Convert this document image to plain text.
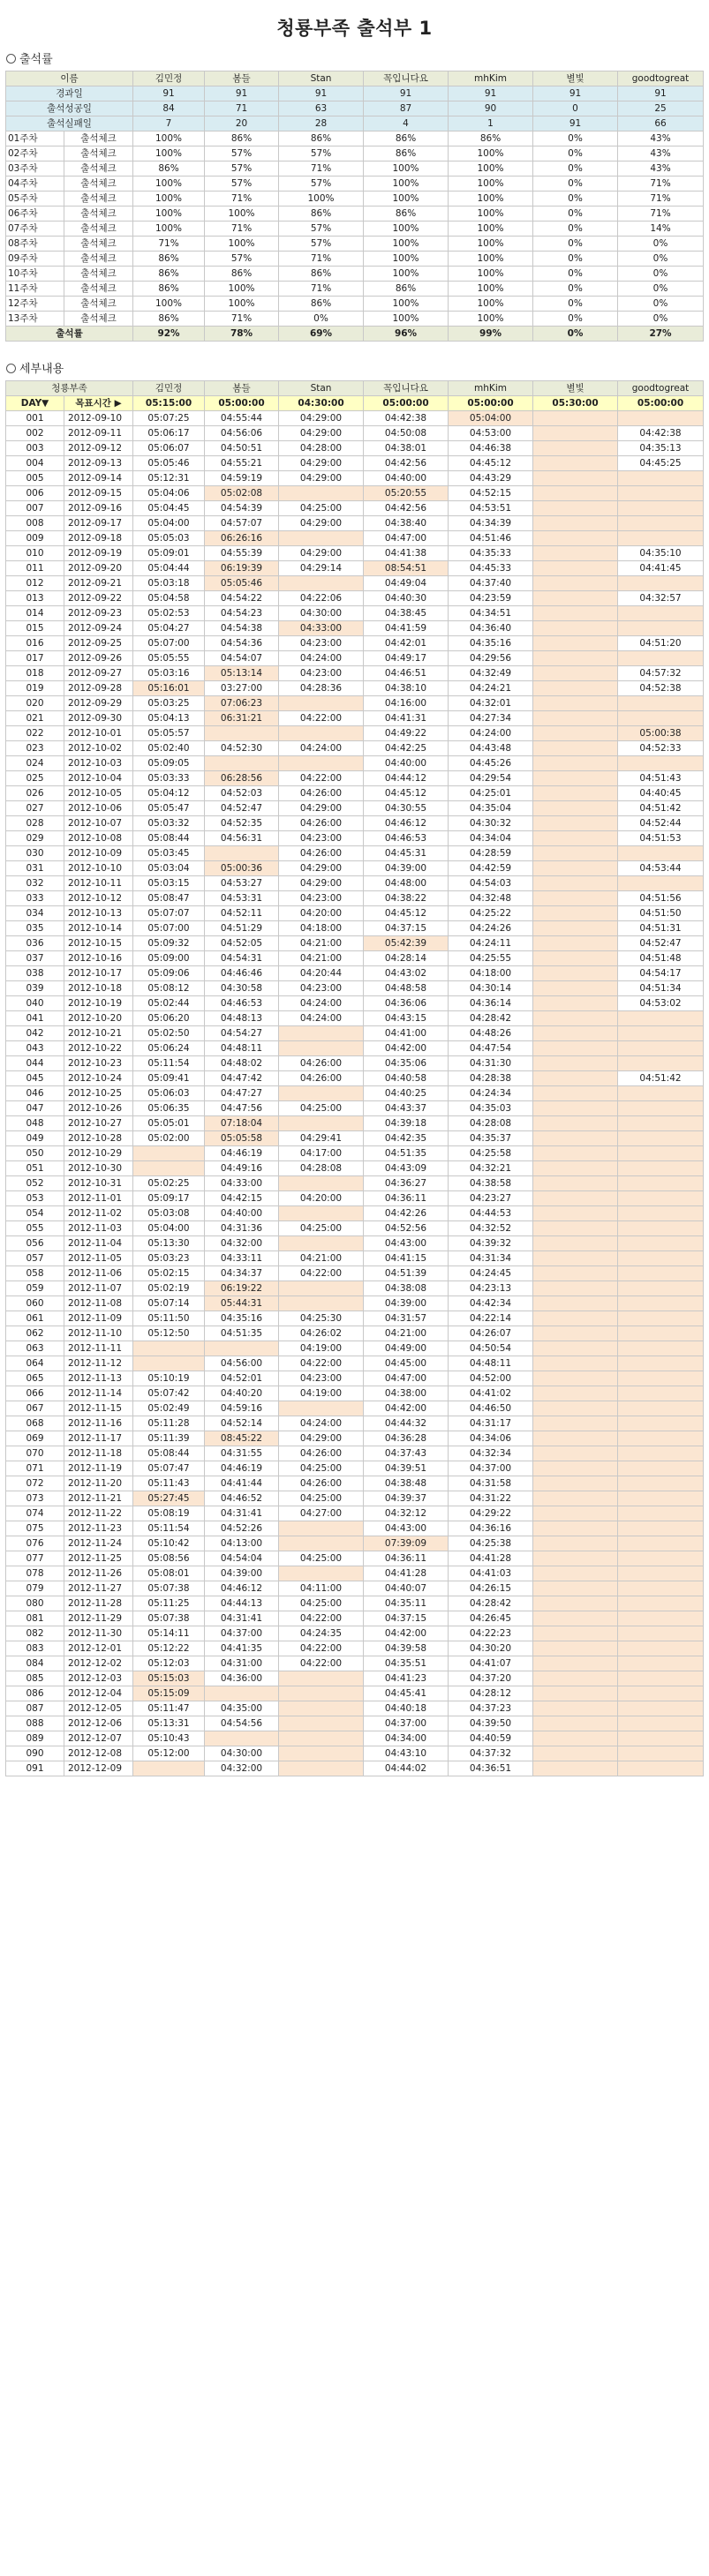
청룡부족 출석부 1
출석률
이름		김민정	봄들	Stan	꼭입니다요	mhKim	별빛	goodtogreat
경과일		91	91	91	91	91	91	91
출석성공일		84	71	63	87	90	0	25
출석실패일		7	20	28	4	1	91	66
01주차	출석체크	100%	86%	86%	86%	86%	0%	43%
02주차	출석체크	100%	57%	57%	86%	100%	0%	43%
03주차	출석체크	86%	57%	71%	100%	100%	0%	43%
04주차	출석체크	100%	57%	57%	100%	100%	0%	71%
05주차	출석체크	100%	71%	100%	100%	100%	0%	71%
06주차	출석체크	100%	100%	86%	86%	100%	0%	71%
07주차	출석체크	100%	71%	57%	100%	100%	0%	14%
08주차	출석체크	71%	100%	57%	100%	100%	0%	0%
09주차	출석체크	86%	57%	71%	100%	100%	0%	0%
10주차	출석체크	86%	86%	86%	100%	100%	0%	0%
11주차	출석체크	86%	100%	71%	86%	100%	0%	0%
12주차	출석체크	100%	100%	86%	100%	100%	0%	0%
13주차	출석체크	86%	71%	0%	100%	100%	0%	0%
출석률		92%	78%	69%	96%	99%	0%	27%
세부내용
청룡부족		김민정	봄들	Stan	꼭입니다요	mhKim	별빛	goodtogreat
DAY▼	목표시간 ▶	05:15:00	05:00:00	04:30:00	05:00:00	05:00:00	05:30:00	05:00:00
001	2012-09-10	05:07:25	04:55:44	04:29:00	04:42:38	05:04:00		
002	2012-09-11	05:06:17	04:56:06	04:29:00	04:50:08	04:53:00		04:42:38
003	2012-09-12	05:06:07	04:50:51	04:28:00	04:38:01	04:46:38		04:35:13
004	2012-09-13	05:05:46	04:55:21	04:29:00	04:42:56	04:45:12		04:45:25
005	2012-09-14	05:12:31	04:59:19	04:29:00	04:40:00	04:43:29		
006	2012-09-15	05:04:06	05:02:08		05:20:55	04:52:15		
007	2012-09-16	05:04:45	04:54:39	04:25:00	04:42:56	04:53:51		
008	2012-09-17	05:04:00	04:57:07	04:29:00	04:38:40	04:34:39		
009	2012-09-18	05:05:03	06:26:16		04:47:00	04:51:46		
010	2012-09-19	05:09:01	04:55:39	04:29:00	04:41:38	04:35:33		04:35:10
011	2012-09-20	05:04:44	06:19:39	04:29:14	08:54:51	04:45:33		04:41:45
012	2012-09-21	05:03:18	05:05:46		04:49:04	04:37:40		
013	2012-09-22	05:04:58	04:54:22	04:22:06	04:40:30	04:23:59		04:32:57
014	2012-09-23	05:02:53	04:54:23	04:30:00	04:38:45	04:34:51		
015	2012-09-24	05:04:27	04:54:38	04:33:00	04:41:59	04:36:40		
016	2012-09-25	05:07:00	04:54:36	04:23:00	04:42:01	04:35:16		04:51:20
017	2012-09-26	05:05:55	04:54:07	04:24:00	04:49:17	04:29:56		
018	2012-09-27	05:03:16	05:13:14	04:23:00	04:46:51	04:32:49		04:57:32
019	2012-09-28	05:16:01	03:27:00	04:28:36	04:38:10	04:24:21		04:52:38
020	2012-09-29	05:03:25	07:06:23		04:16:00	04:32:01		
021	2012-09-30	05:04:13	06:31:21	04:22:00	04:41:31	04:27:34		
022	2012-10-01	05:05:57			04:49:22	04:24:00		05:00:38
023	2012-10-02	05:02:40	04:52:30	04:24:00	04:42:25	04:43:48		04:52:33
024	2012-10-03	05:09:05			04:40:00	04:45:26		
025	2012-10-04	05:03:33	06:28:56	04:22:00	04:44:12	04:29:54		04:51:43
026	2012-10-05	05:04:12	04:52:03	04:26:00	04:45:12	04:25:01		04:40:45
027	2012-10-06	05:05:47	04:52:47	04:29:00	04:30:55	04:35:04		04:51:42
028	2012-10-07	05:03:32	04:52:35	04:26:00	04:46:12	04:30:32		04:52:44
029	2012-10-08	05:08:44	04:56:31	04:23:00	04:46:53	04:34:04		04:51:53
030	2012-10-09	05:03:45		04:26:00	04:45:31	04:28:59		
031	2012-10-10	05:03:04	05:00:36	04:29:00	04:39:00	04:42:59		04:53:44
032	2012-10-11	05:03:15	04:53:27	04:29:00	04:48:00	04:54:03		
033	2012-10-12	05:08:47	04:53:31	04:23:00	04:38:22	04:32:48		04:51:56
034	2012-10-13	05:07:07	04:52:11	04:20:00	04:45:12	04:25:22		04:51:50
035	2012-10-14	05:07:00	04:51:29	04:18:00	04:37:15	04:24:26		04:51:31
036	2012-10-15	05:09:32	04:52:05	04:21:00	05:42:39	04:24:11		04:52:47
037	2012-10-16	05:09:00	04:54:31	04:21:00	04:28:14	04:25:55		04:51:48
038	2012-10-17	05:09:06	04:46:46	04:20:44	04:43:02	04:18:00		04:54:17
039	2012-10-18	05:08:12	04:30:58	04:23:00	04:48:58	04:30:14		04:51:34
040	2012-10-19	05:02:44	04:46:53	04:24:00	04:36:06	04:36:14		04:53:02
041	2012-10-20	05:06:20	04:48:13	04:24:00	04:43:15	04:28:42		
042	2012-10-21	05:02:50	04:54:27		04:41:00	04:48:26		
043	2012-10-22	05:06:24	04:48:11		04:42:00	04:47:54		
044	2012-10-23	05:11:54	04:48:02	04:26:00	04:35:06	04:31:30		
045	2012-10-24	05:09:41	04:47:42	04:26:00	04:40:58	04:28:38		04:51:42
046	2012-10-25	05:06:03	04:47:27		04:40:25	04:24:34		
047	2012-10-26	05:06:35	04:47:56	04:25:00	04:43:37	04:35:03		
048	2012-10-27	05:05:01	07:18:04		04:39:18	04:28:08		
049	2012-10-28	05:02:00	05:05:58	04:29:41	04:42:35	04:35:37		
050	2012-10-29		04:46:19	04:17:00	04:51:35	04:25:58		
051	2012-10-30		04:49:16	04:28:08	04:43:09	04:32:21		
052	2012-10-31	05:02:25	04:33:00		04:36:27	04:38:58		
053	2012-11-01	05:09:17	04:42:15	04:20:00	04:36:11	04:23:27		
054	2012-11-02	05:03:08	04:40:00		04:42:26	04:44:53		
055	2012-11-03	05:04:00	04:31:36	04:25:00	04:52:56	04:32:52		
056	2012-11-04	05:13:30	04:32:00		04:43:00	04:39:32		
057	2012-11-05	05:03:23	04:33:11	04:21:00	04:41:15	04:31:34		
058	2012-11-06	05:02:15	04:34:37	04:22:00	04:51:39	04:24:45		
059	2012-11-07	05:02:19	06:19:22		04:38:08	04:23:13		
060	2012-11-08	05:07:14	05:44:31		04:39:00	04:42:34		
061	2012-11-09	05:11:50	04:35:16	04:25:30	04:31:57	04:22:14		
062	2012-11-10	05:12:50	04:51:35	04:26:02	04:21:00	04:26:07		
063	2012-11-11			04:19:00	04:49:00	04:50:54		
064	2012-11-12		04:56:00	04:22:00	04:45:00	04:48:11		
065	2012-11-13	05:10:19	04:52:01	04:23:00	04:47:00	04:52:00		
066	2012-11-14	05:07:42	04:40:20	04:19:00	04:38:00	04:41:02		
067	2012-11-15	05:02:49	04:59:16		04:42:00	04:46:50		
068	2012-11-16	05:11:28	04:52:14	04:24:00	04:44:32	04:31:17		
069	2012-11-17	05:11:39	08:45:22	04:29:00	04:36:28	04:34:06		
070	2012-11-18	05:08:44	04:31:55	04:26:00	04:37:43	04:32:34		
071	2012-11-19	05:07:47	04:46:19	04:25:00	04:39:51	04:37:00		
072	2012-11-20	05:11:43	04:41:44	04:26:00	04:38:48	04:31:58		
073	2012-11-21	05:27:45	04:46:52	04:25:00	04:39:37	04:31:22		
074	2012-11-22	05:08:19	04:31:41	04:27:00	04:32:12	04:29:22		
075	2012-11-23	05:11:54	04:52:26		04:43:00	04:36:16		
076	2012-11-24	05:10:42	04:13:00		07:39:09	04:25:38		
077	2012-11-25	05:08:56	04:54:04	04:25:00	04:36:11	04:41:28		
078	2012-11-26	05:08:01	04:39:00		04:41:28	04:41:03		
079	2012-11-27	05:07:38	04:46:12	04:11:00	04:40:07	04:26:15		
080	2012-11-28	05:11:25	04:44:13	04:25:00	04:35:11	04:28:42		
081	2012-11-29	05:07:38	04:31:41	04:22:00	04:37:15	04:26:45		
082	2012-11-30	05:14:11	04:37:00	04:24:35	04:42:00	04:22:23		
083	2012-12-01	05:12:22	04:41:35	04:22:00	04:39:58	04:30:20		
084	2012-12-02	05:12:03	04:31:00	04:22:00	04:35:51	04:41:07		
085	2012-12-03	05:15:03	04:36:00		04:41:23	04:37:20		
086	2012-12-04	05:15:09			04:45:41	04:28:12		
087	2012-12-05	05:11:47	04:35:00		04:40:18	04:37:23		
088	2012-12-06	05:13:31	04:54:56		04:37:00	04:39:50		
089	2012-12-07	05:10:43			04:34:00	04:40:59		
090	2012-12-08	05:12:00	04:30:00		04:43:10	04:37:32		
091	2012-12-09		04:32:00		04:44:02	04:36:51		
